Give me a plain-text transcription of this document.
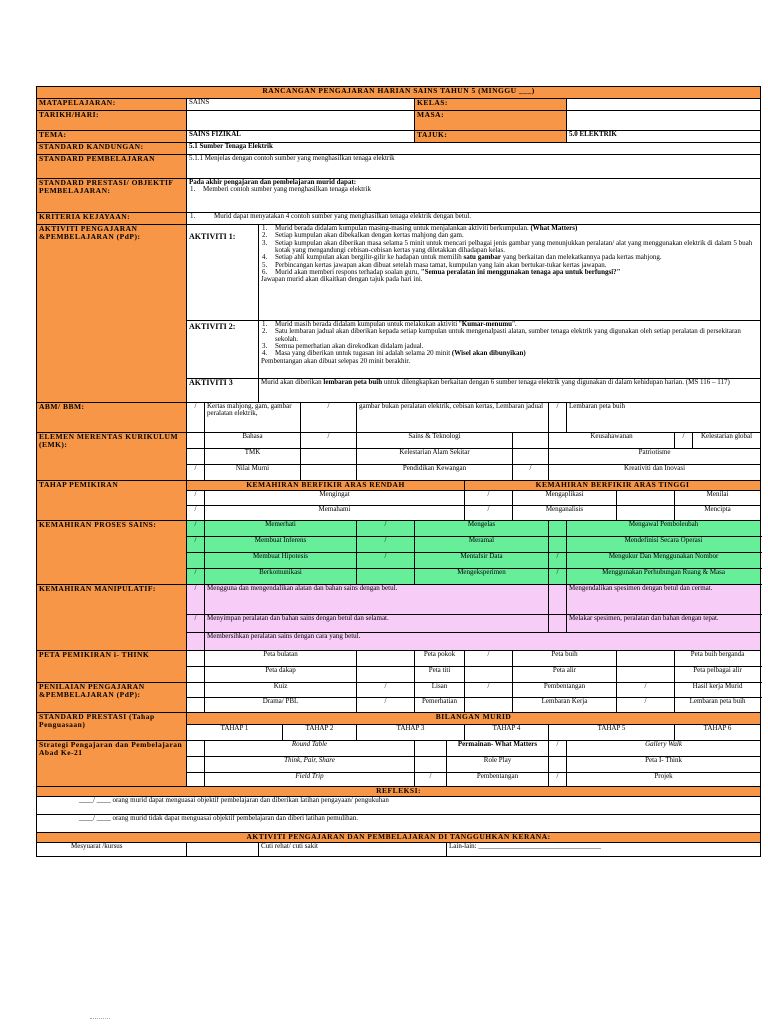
RANCANGAN PENGAJARAN HARIAN SAINS TAHUN 5 (MINGGU ___)
MATAPELAJARAN:	SAINS	KELAS:	
TARIKH/HARI:		MASA:	
TEMA:	SAINS FIZIKAL	TAJUK:	5.0 ELEKTRIK
STANDARD KANDUNGAN:	5.1 Sumber Tenaga Elektrik
STANDARD PEMBELAJARAN	5.1.1 Menjelas dengan contoh sumber yang menghasilkan tenaga elektrik
STANDARD PRESTASI/ OBJEKTIF PEMBELAJARAN:	
Pada akhir pengajaran dan pembelajaran murid dapat:
1.	Memberi contoh sumber yang menghasilkan tenaga elektrik

KRITERIA KEJAYAAN:		1.	Murid dapat menyatakan 4 contoh sumber yang menghasilkan tenaga elektrik dengan betul.

AKTIVITI PENGAJARAN &PEMBELAJARAN (PdP):	AKTIVITI 1:	
1.	Murid berada didalam kumpulan masing-masing untuk menjalankan aktiviti berkumpulan. (What Matters)
2.	Setiap kumpulan akan dibekalkan dengan kertas mahjong dan gam.
3.	Setiap kumpulan akan diberikan masa selama 5 minit untuk mencari pelbagai jenis gambar yang menunjukkan peralatan/ alat yang menggunakan elektrik di dalam 5 buah kotak yang mengandungi cebisan-cebisan kertas yang diletakkan dihadapan kelas.
4.	Setiap ahli kumpulan akan bergilir-gilir ke hadapan untuk memilih satu gambar yang berkaitan dan melekatkannya pada kertas mahjong.
5.	Perbincangan kertas jawapan akan dibuat setelah masa tamat, kumpulan yang lain akan bertukar-tukar kertas jawapan.
6.	Murid akan memberi respons terhadap soalan guru, "Semua peralatan ini menggunakan tenaga apa untuk berfungsi?"
Jawapan murid akan dikaitkan dengan tajuk pada hari ini.

AKTIVITI 2:		1.	Murid masih berada didalam kumpulan untuk melakukan aktiviti "Kumar-menumu".
2.	Satu lembaran jadual akan diberikan kepada setiap kumpulan untuk mengenalpasti alatan, sumber tenaga elektrik yang digunakan oleh setiap peralatan di persekitaran sekolah.
3.	Semua pemerhatian akan direkodkan didalam jadual.
4.	Masa yang diberikan untuk tugasan ini adalah selama 20 minit (Wisel akan dibunyikan)
Pembentangan akan dibuat selepas 20 minit berakhir.

AKTIVITI 3	Murid akan diberikan lembaran peta buih untuk dilengkapkan berkaitan dengan 6 sumber tenaga elektrik yang digunakan di dalam kehidupan harian. (MS 116 – 117)
ABM/ BBM:	/	Kertas mahjong, gam, gambar peralatan elektrik,	/	gambar bukan peralatan elektrik, cebisan kertas, Lembaran jadual	/	Lembaran peta buih
ELEMEN MERENTAS KURIKULUM (EMK):		Bahasa	/	Sains & Teknologi		Keusahawanan	/	Kelestarian global
	TMK		Kelestarian Alam Sekitar		Patriotisme
/	Nilai Murni		Pendidikan Kewangan	/	Kreativiti dan Inovasi
TAHAP PEMIKIRAN	KEMAHIRAN BERFIKIR ARAS RENDAH	KEMAHIRAN BERFIKIR ARAS TINGGI
/	Mengingat	/	Mengaplikasi		Menilai
/	Memahami	/	Menganalisis		Mencipta
KEMAHIRAN PROSES SAINS:	/	Memerhati	/	Mengelas		Mengawal Pemboleubah
/	Membuat Inferens	/	Meramal		Mendefinisi Secara Operasi
	Membuat Hipotesis	/	Mentafsir Data	/	Mengukur Dan Menggunakan Nombor
/	Berkomunikasi		Mengeksperimen	/	Menggunakan Perhubungan Ruang & Masa
KEMAHIRAN MANIPULATIF:	/	Mengguna dan mengendalikan alatan dan bahan sains dengan betul.		Mengendalikan spesimen dengan betul dan cermat.
/	Menyimpan peralatan dan bahan sains dengan betul dan selamat.		Melakar spesimen, peralatan dan bahan dengan tepat.
	Membersihkan peralatan sains dengan cara yang betul.
PETA PEMIKIRAN i- THINK		Peta bulatan		Peta pokok	/	Peta buih		Peta buih berganda
	Peta dakap		Peta titi		Peta alir		Peta pelbagai alir
PENILAIAN PENGAJARAN &PEMBELAJARAN (PdP):		Kuiz	/	Lisan	/	Pembentangan	/	Hasil kerja Murid
	Drama/ PBL	/	Pemerhatian		Lembaran Kerja	/	Lembaran peta buih
STANDARD PRESTASI (Tahap Penguasaan)	BILANGAN MURID
TAHAP 1	TAHAP 2	TAHAP 3	TAHAP 4	TAHAP 5	TAHAP 6
Strategi Pengajaran dan Pembelajaran Abad Ke-21		Round Table		Permainan- What Matters	/	Gallery Walk
	Think, Pair, Share		Role Play		Peta I- Think	
	Field Trip	/	Pembentangan	/	Projek	
REFLEKSI:
____/ ____ orang murid dapat menguasai objektif pembelajaran dan diberikan latihan pengayaan/ pengukuhan
____/ ____ orang murid tidak dapat menguasai objektif pembelajaran dan diberi latihan pemulihan.
AKTIVITI PENGAJARAN DAN PEMBELAJARAN DI TANGGUHKAN KERANA:
Mesyuarat /kursus		Cuti rehat/ cuti sakit	Lain-lain: ___________________________________
